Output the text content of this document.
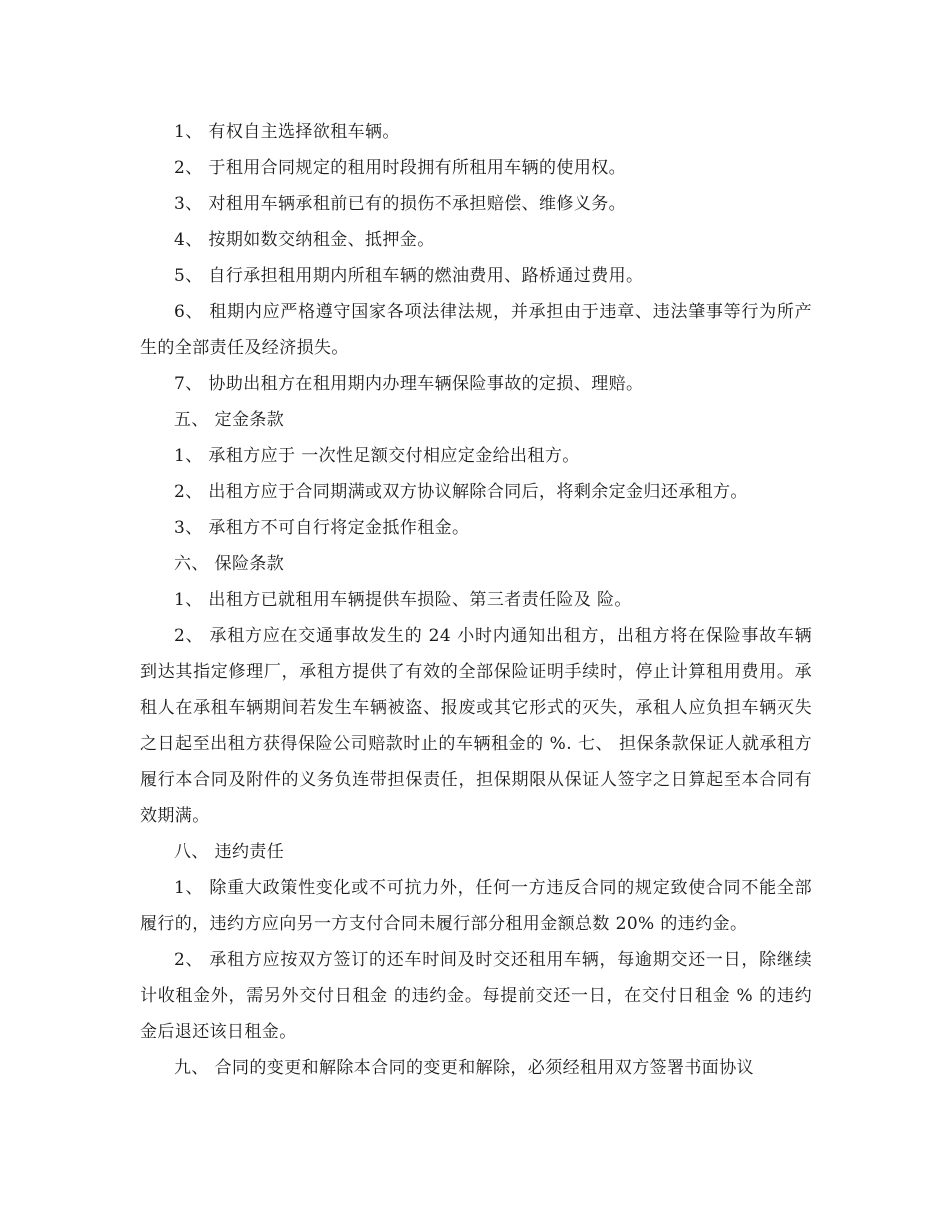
1、 有权自主选择欲租车辆。

2、 于租用合同规定的租用时段拥有所租用车辆的使用权。

3、 对租用车辆承租前已有的损伤不承担赔偿、维修义务。

4、 按期如数交纳租金、抵押金。

5、 自行承担租用期内所租车辆的燃油费用、路桥通过费用。

6、 租期内应严格遵守国家各项法律法规，并承担由于违章、违法肇事等行为所产生的全部责任及经济损失。

7、 协助出租方在租用期内办理车辆保险事故的定损、理赔。

五、 定金条款

1、 承租方应于 一次性足额交付相应定金给出租方。

2、 出租方应于合同期满或双方协议解除合同后，将剩余定金归还承租方。

3、 承租方不可自行将定金抵作租金。

六、 保险条款

1、 出租方已就租用车辆提供车损险、第三者责任险及 险。

2、 承租方应在交通事故发生的 24 小时内通知出租方，出租方将在保险事故车辆到达其指定修理厂，承租方提供了有效的全部保险证明手续时，停止计算租用费用。承租人在承租车辆期间若发生车辆被盗、报废或其它形式的灭失，承租人应负担车辆灭失之日起至出租方获得保险公司赔款时止的车辆租金的 %. 七、 担保条款保证人就承租方履行本合同及附件的义务负连带担保责任，担保期限从保证人签字之日算起至本合同有效期满。

八、 违约责任

1、 除重大政策性变化或不可抗力外，任何一方违反合同的规定致使合同不能全部履行的，违约方应向另一方支付合同未履行部分租用金额总数 20% 的违约金。

2、 承租方应按双方签订的还车时间及时交还租用车辆，每逾期交还一日，除继续计收租金外，需另外交付日租金 的违约金。每提前交还一日，在交付日租金 % 的违约金后退还该日租金。

九、 合同的变更和解除本合同的变更和解除，必须经租用双方签署书面协议
